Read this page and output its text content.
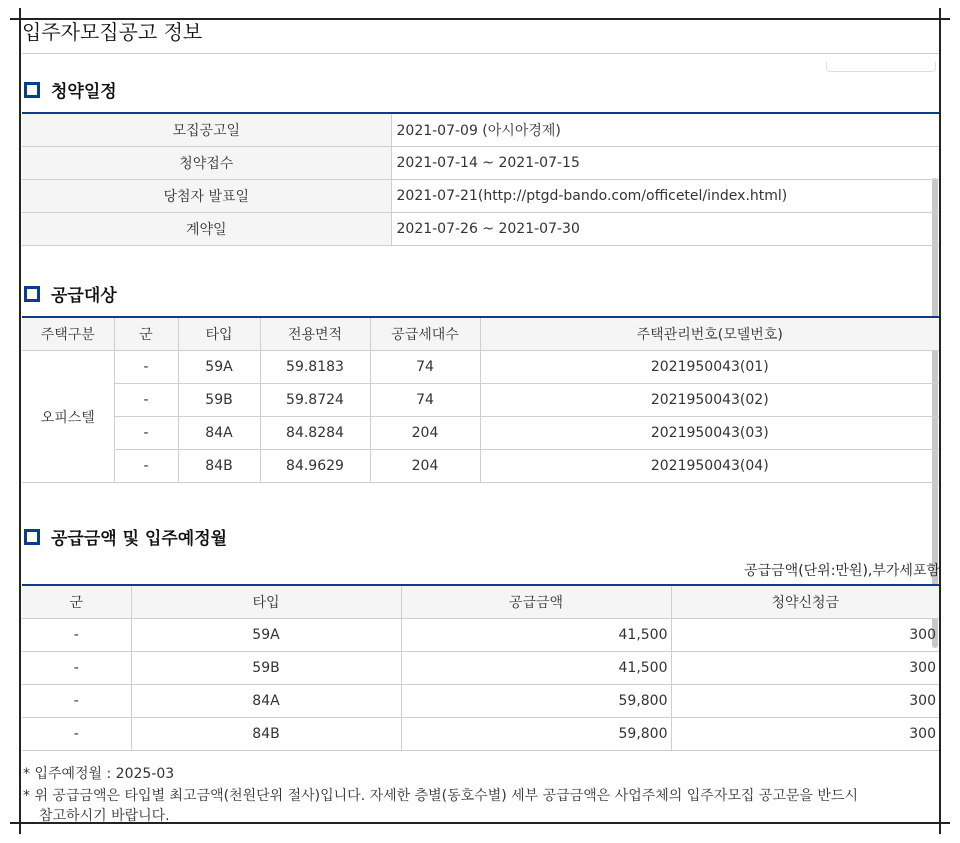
입주자모집공고 정보
청약일정
모집공고일	2021-07-09 (아시아경제)
청약접수	2021-07-14 ~ 2021-07-15
당첨자 발표일	2021-07-21(http://ptgd-bando.com/officetel/index.html)
계약일	2021-07-26 ~ 2021-07-30
공급대상
주택구분	군	타입	전용면적	공급세대수	주택관리번호(모델번호)
오피스텔	-	59A	59.8183	74	2021950043(01)
	-	59B	59.8724	74	2021950043(02)
	-	84A	84.8284	204	2021950043(03)
	-	84B	84.9629	204	2021950043(04)
공급금액 및 입주예정월
공급금액(단위:만원),부가세포함
군	타입	공급금액	청약신청금
-	59A	41,500	300
-	59B	41,500	300
-	84A	59,800	300
-	84B	59,800	300
* 입주예정월 : 2025-03
* 위 공급금액은 타입별 최고금액(천원단위 절사)입니다. 자세한 층별(동호수별) 세부 공급금액은 사업주체의 입주자모집 공고문을 반드시
참고하시기 바랍니다.
